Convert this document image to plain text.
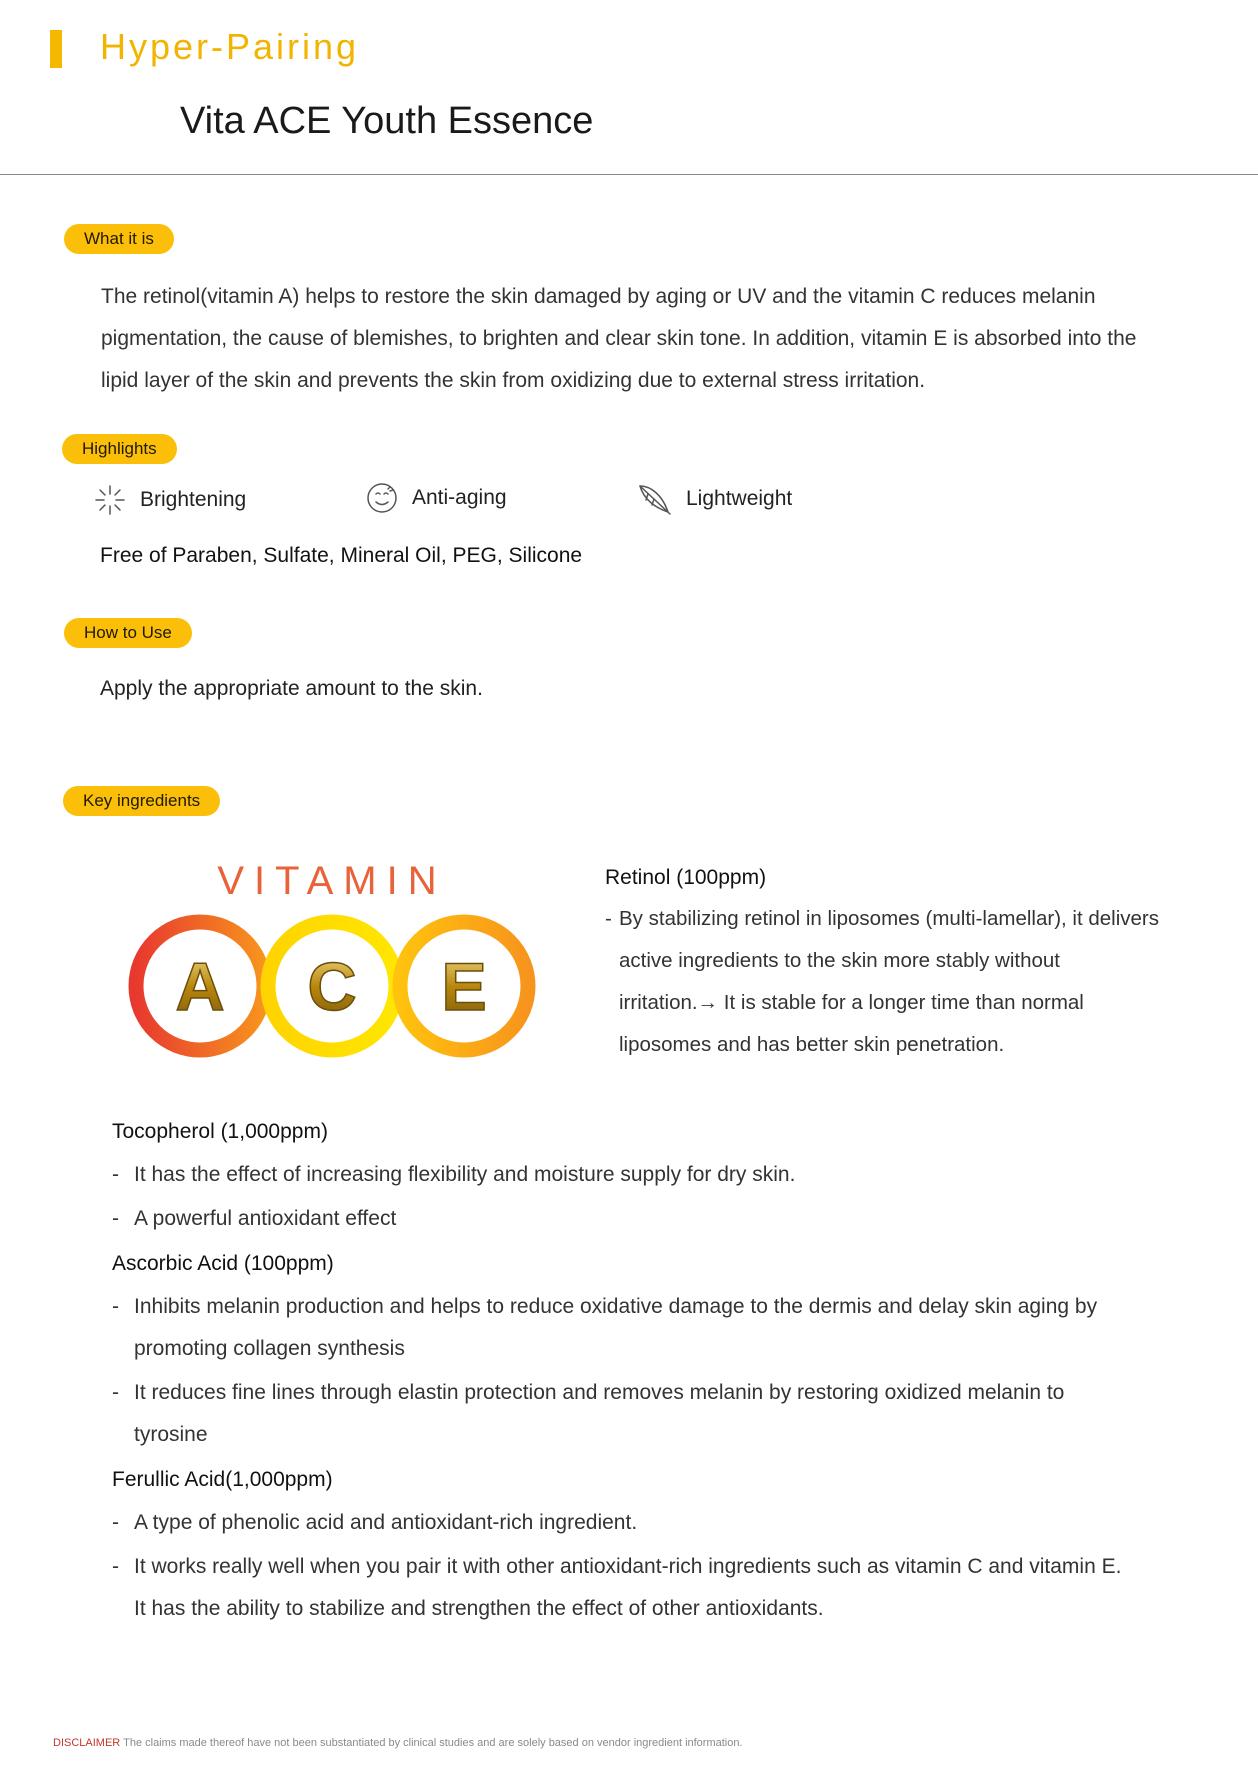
Hyper-Pairing
Vita ACE Youth Essence
What it is
The retinol(vitamin A) helps to restore the skin damaged by aging or UV and the vitamin C reduces melanin
pigmentation, the cause of blemishes, to brighten and clear skin tone. In addition, vitamin E is absorbed into the
lipid layer of the skin and prevents the skin from oxidizing due to external stress irritation.
Highlights
Brightening	Anti-aging	Lightweight
Free of Paraben, Sulfate, Mineral Oil, PEG, Silicone
How to Use
Apply the appropriate amount to the skin.
Key ingredients
VITAMIN
A C E
Retinol (100ppm)
- By stabilizing retinol in liposomes (multi-lamellar), it delivers
active ingredients to the skin more stably without
irritation.→ It is stable for a longer time than normal
liposomes and has better skin penetration.
Tocopherol (1,000ppm)
- It has the effect of increasing flexibility and moisture supply for dry skin.
- A powerful antioxidant effect
Ascorbic Acid (100ppm)
- Inhibits melanin production and helps to reduce oxidative damage to the dermis and delay skin aging by
promoting collagen synthesis
- It reduces fine lines through elastin protection and removes melanin by restoring oxidized melanin to
tyrosine
Ferullic Acid(1,000ppm)
- A type of phenolic acid and antioxidant-rich ingredient.
- It works really well when you pair it with other antioxidant-rich ingredients such as vitamin C and vitamin E.
It has the ability to stabilize and strengthen the effect of other antioxidants.
DISCLAIMER The claims made thereof have not been substantiated by clinical studies and are solely based on vendor ingredient information.
